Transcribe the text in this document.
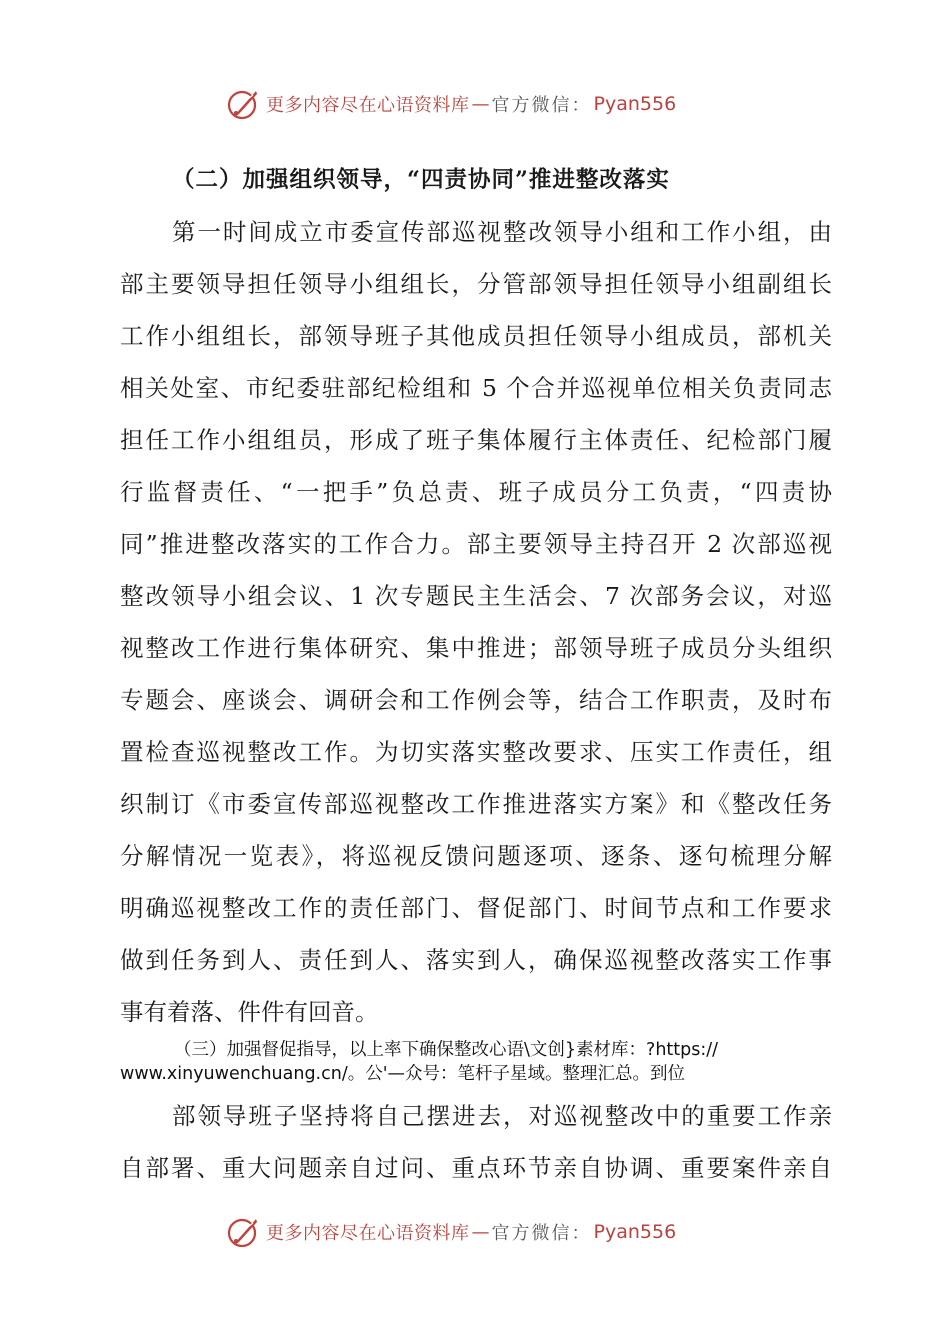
更多内容尽在心语资料库 — 官方微信： Pyan556
（二）加强组织领导，“四责协同”推进整改落实
第一时间成立市委宣传部巡视整改领导小组和工作小组，由
部主要领导担任领导小组组长，分管部领导担任领导小组副组长
工作小组组长，部领导班子其他成员担任领导小组成员，部机关
相关处室、市纪委驻部纪检组和 5 个合并巡视单位相关负责同志
担任工作小组组员，形成了班子集体履行主体责任、纪检部门履
行监督责任、“一把手”负总责、班子成员分工负责，“四责协
同”推进整改落实的工作合力。部主要领导主持召开 2 次部巡视
整改领导小组会议、1 次专题民主生活会、7 次部务会议，对巡
视整改工作进行集体研究、集中推进；部领导班子成员分头组织
专题会、座谈会、调研会和工作例会等，结合工作职责，及时布
置检查巡视整改工作。为切实落实整改要求、压实工作责任，组
织制订《市委宣传部巡视整改工作推进落实方案》和《整改任务
分解情况一览表》，将巡视反馈问题逐项、逐条、逐句梳理分解
明确巡视整改工作的责任部门、督促部门、时间节点和工作要求
做到任务到人、责任到人、落实到人，确保巡视整改落实工作事
事有着落、件件有回音。
（三）加强督促指导，以上率下确保整改心语\文创}素材库：?https://
www.xinyuwenchuang.cn/。公'—众号：笔杆子星域。整理汇总。到位
部领导班子坚持将自己摆进去，对巡视整改中的重要工作亲
自部署、重大问题亲自过问、重点环节亲自协调、重要案件亲自
更多内容尽在心语资料库 — 官方微信： Pyan556
